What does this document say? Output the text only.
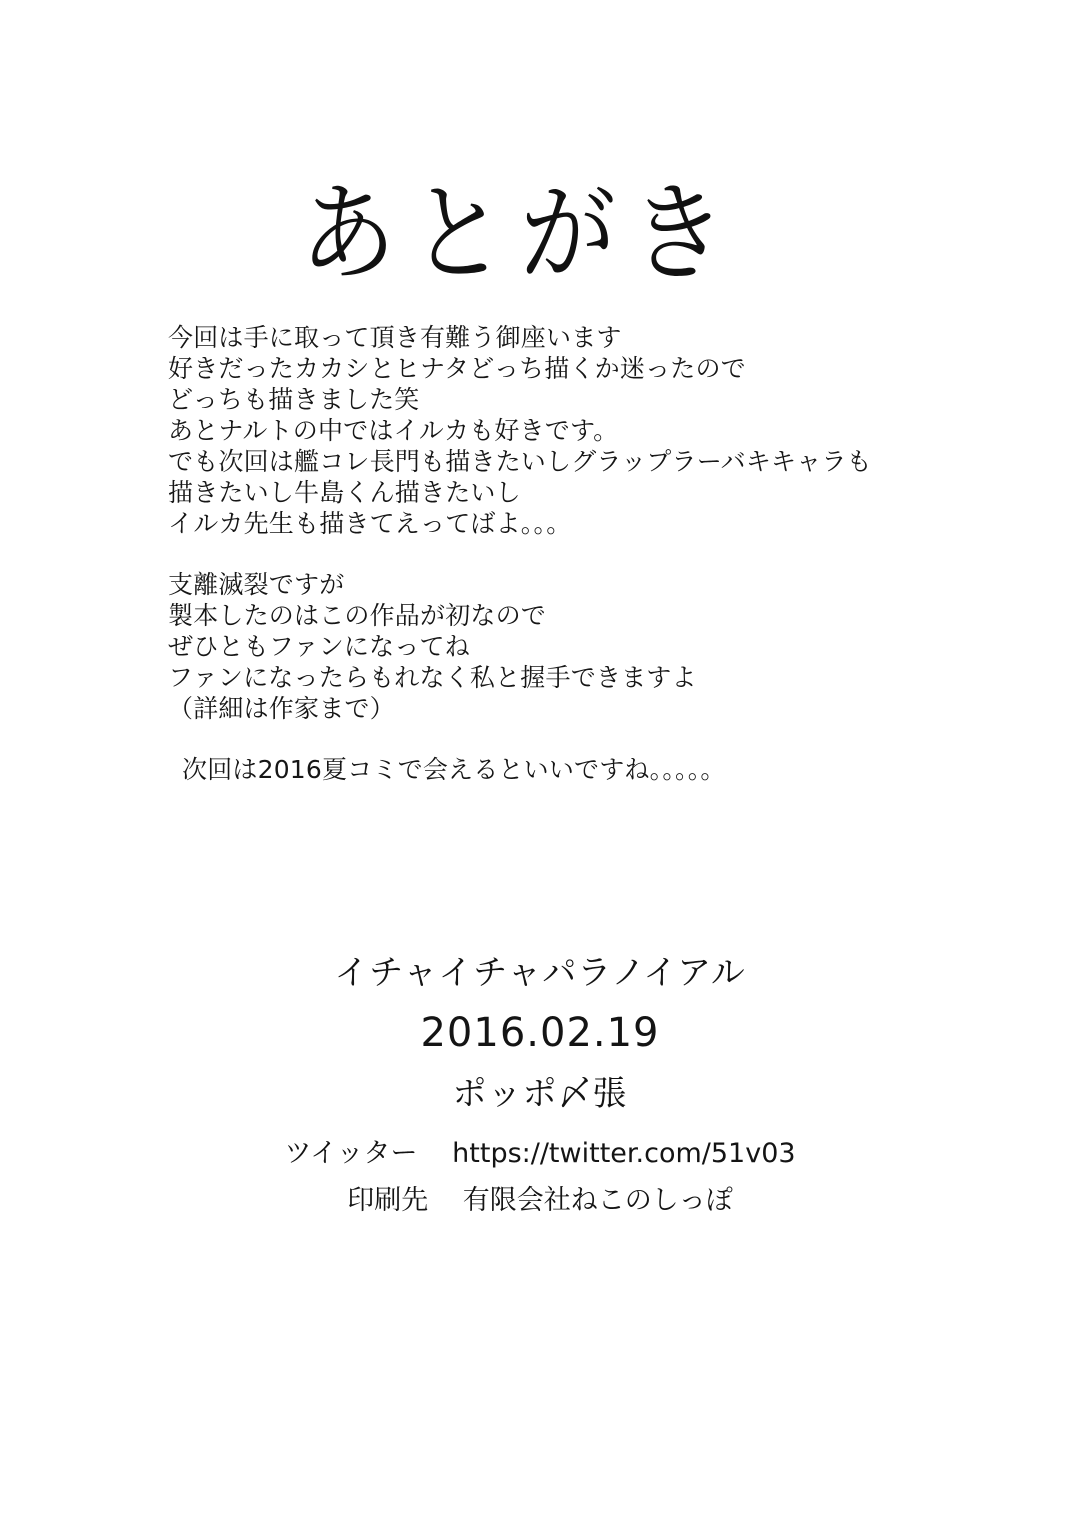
あとがき
今回は手に取って頂き有難う御座います
好きだったカカシとヒナタどっち描くか迷ったので
どっちも描きました笑
あとナルトの中ではイルカも好きです。
でも次回は艦コレ長門も描きたいしグラップラーバキキャラも
描きたいし牛島くん描きたいし
イルカ先生も描きてえってばよ。。。
支離滅裂ですが
製本したのはこの作品が初なので
ぜひともファンになってね
ファンになったらもれなく私と握手できますよ
（詳細は作家まで）
次回は2016夏コミで会えるといいですね。。。。。
イチャイチャパラノイアル
2016.02.19
ポッポ〆張
ツイッター https://twitter.com/51v03
印刷先 有限会社ねこのしっぽ
